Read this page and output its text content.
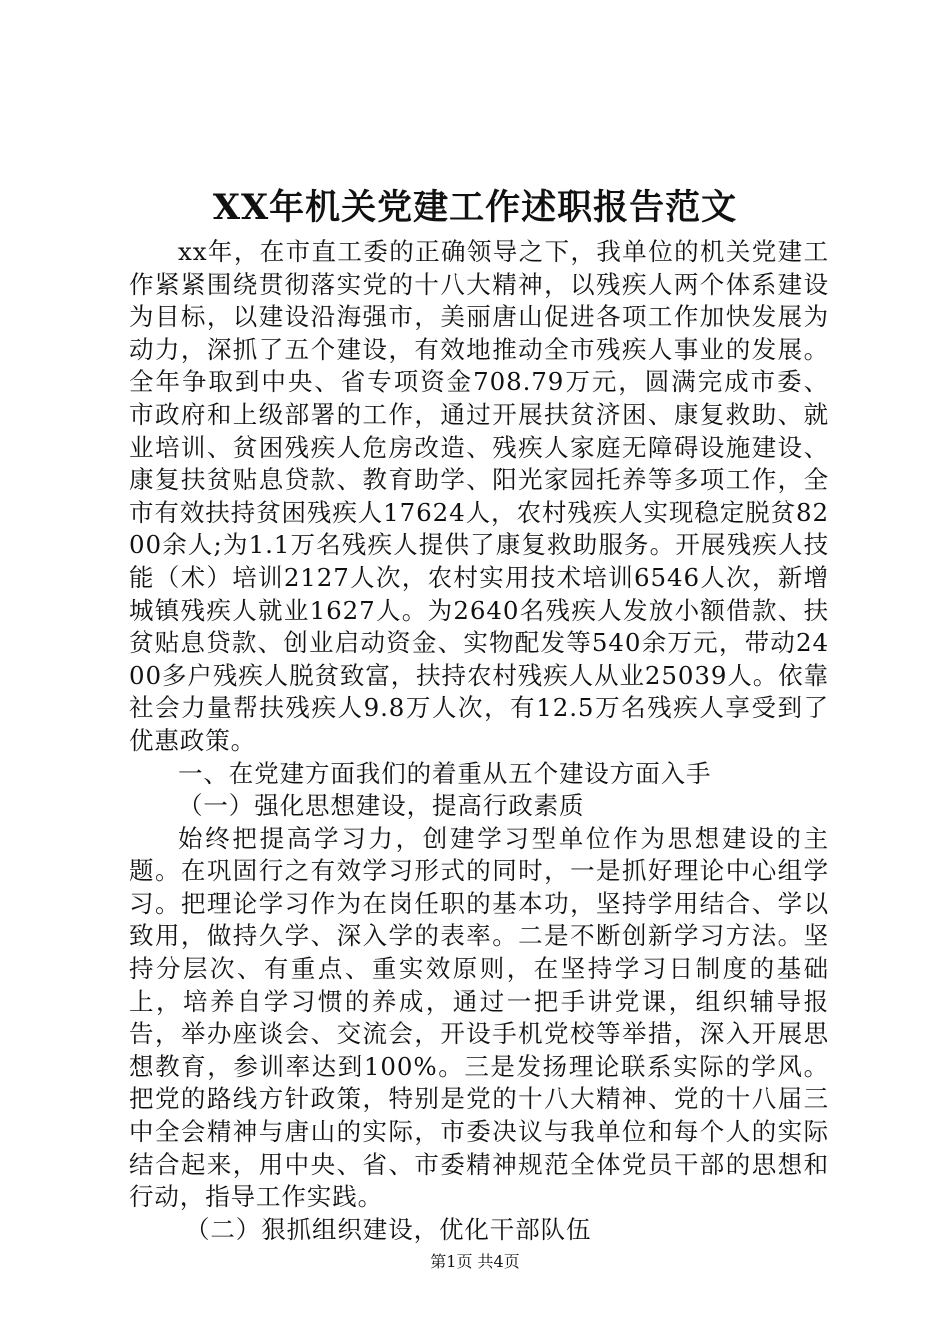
XX年机关党建工作述职报告范文

xx年，在市直工委的正确领导之下，我单位的机关党建工作紧紧围绕贯彻落实党的十八大精神，以残疾人两个体系建设为目标，以建设沿海强市，美丽唐山促进各项工作加快发展为动力，深抓了五个建设，有效地推动全市残疾人事业的发展。全年争取到中央、省专项资金708.79万元，圆满完成市委、市政府和上级部署的工作，通过开展扶贫济困、康复救助、就业培训、贫困残疾人危房改造、残疾人家庭无障碍设施建设、康复扶贫贴息贷款、教育助学、阳光家园托养等多项工作，全市有效扶持贫困残疾人17624人，农村残疾人实现稳定脱贫8200余人;为1.1万名残疾人提供了康复救助服务。开展残疾人技能（术）培训2127人次，农村实用技术培训6546人次，新增城镇残疾人就业1627人。为2640名残疾人发放小额借款、扶贫贴息贷款、创业启动资金、实物配发等540余万元，带动2400多户残疾人脱贫致富，扶持农村残疾人从业25039人。依靠社会力量帮扶残疾人9.8万人次，有12.5万名残疾人享受到了优惠政策。

一、在党建方面我们的着重从五个建设方面入手

（一）强化思想建设，提高行政素质

始终把提高学习力，创建学习型单位作为思想建设的主题。在巩固行之有效学习形式的同时，一是抓好理论中心组学习。把理论学习作为在岗任职的基本功，坚持学用结合、学以致用，做持久学、深入学的表率。二是不断创新学习方法。坚持分层次、有重点、重实效原则，在坚持学习日制度的基础上，培养自学习惯的养成，通过一把手讲党课，组织辅导报告，举办座谈会、交流会，开设手机党校等举措，深入开展思想教育，参训率达到100%。三是发扬理论联系实际的学风。把党的路线方针政策，特别是党的十八大精神、党的十八届三中全会精神与唐山的实际，市委决议与我单位和每个人的实际结合起来，用中央、省、市委精神规范全体党员干部的思想和行动，指导工作实践。

（二）狠抓组织建设，优化干部队伍

第1页 共4页
